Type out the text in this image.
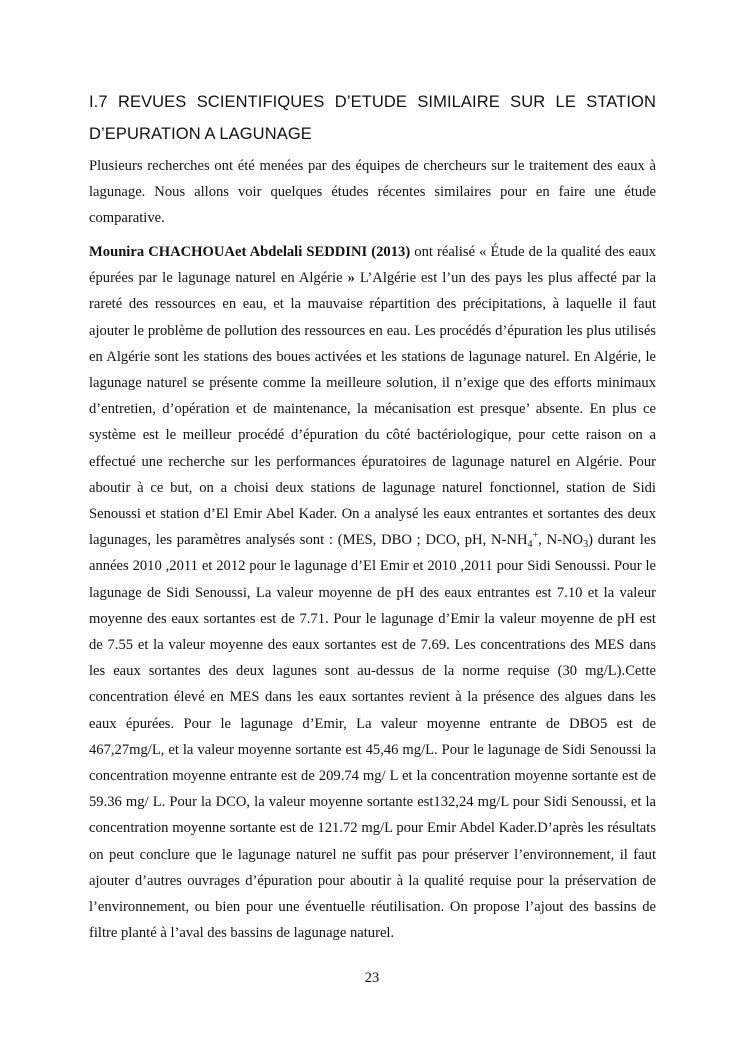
I.7 REVUES SCIENTIFIQUES D’ETUDE SIMILAIRE SUR LE STATION
D’EPURATION A LAGUNAGE

Plusieurs recherches ont été menées par des équipes de chercheurs sur le traitement des eaux à lagunage. Nous allons voir quelques études récentes similaires pour en faire une étude comparative.

Mounira CHACHOUAet Abdelali SEDDINI (2013) ont réalisé « Étude de la qualité des eaux épurées par le lagunage naturel en Algérie » L’Algérie est l’un des pays les plus affecté par la rareté des ressources en eau, et la mauvaise répartition des précipitations, à laquelle il faut ajouter le problème de pollution des ressources en eau. Les procédés d’épuration les plus utilisés en Algérie sont les stations des boues activées et les stations de lagunage naturel. En Algérie, le lagunage naturel se présente comme la meilleure solution, il n’exige que des efforts minimaux d’entretien, d’opération et de maintenance, la mécanisation est presque’ absente. En plus ce système est le meilleur procédé d’épuration du côté bactériologique, pour cette raison on a effectué une recherche sur les performances épuratoires de lagunage naturel en Algérie. Pour aboutir à ce but, on a choisi deux stations de lagunage naturel fonctionnel, station de Sidi Senoussi et station d’El Emir Abel Kader. On a analysé les eaux entrantes et sortantes des deux lagunages, les paramètres analysés sont : (MES, DBO ; DCO, pH, $N-NH_4^+$, $N-NO_3$) durant les années 2010 ,2011 et 2012 pour le lagunage d’El Emir et 2010 ,2011 pour Sidi Senoussi. Pour le lagunage de Sidi Senoussi, La valeur moyenne de pH des eaux entrantes est 7.10 et la valeur moyenne des eaux sortantes est de 7.71. Pour le lagunage d’Emir la valeur moyenne de pH est de 7.55 et la valeur moyenne des eaux sortantes est de 7.69. Les concentrations des MES dans les eaux sortantes des deux lagunes sont au-dessus de la norme requise (30 mg/L).Cette concentration élevé en MES dans les eaux sortantes revient à la présence des algues dans les eaux épurées. Pour le lagunage d’Emir, La valeur moyenne entrante de DBO5 est de 467,27mg/L, et la valeur moyenne sortante est 45,46 mg/L. Pour le lagunage de Sidi Senoussi la concentration moyenne entrante est de 209.74 mg/ L et la concentration moyenne sortante est de 59.36 mg/ L. Pour la DCO, la valeur moyenne sortante est132,24 mg/L pour Sidi Senoussi, et la concentration moyenne sortante est de 121.72 mg/L pour Emir Abdel Kader.D’après les résultats on peut conclure que le lagunage naturel ne suffit pas pour préserver l’environnement, il faut ajouter d’autres ouvrages d’épuration pour aboutir à la qualité requise pour la préservation de l’environnement, ou bien pour une éventuelle réutilisation. On propose l’ajout des bassins de filtre planté à l’aval des bassins de lagunage naturel.

23
